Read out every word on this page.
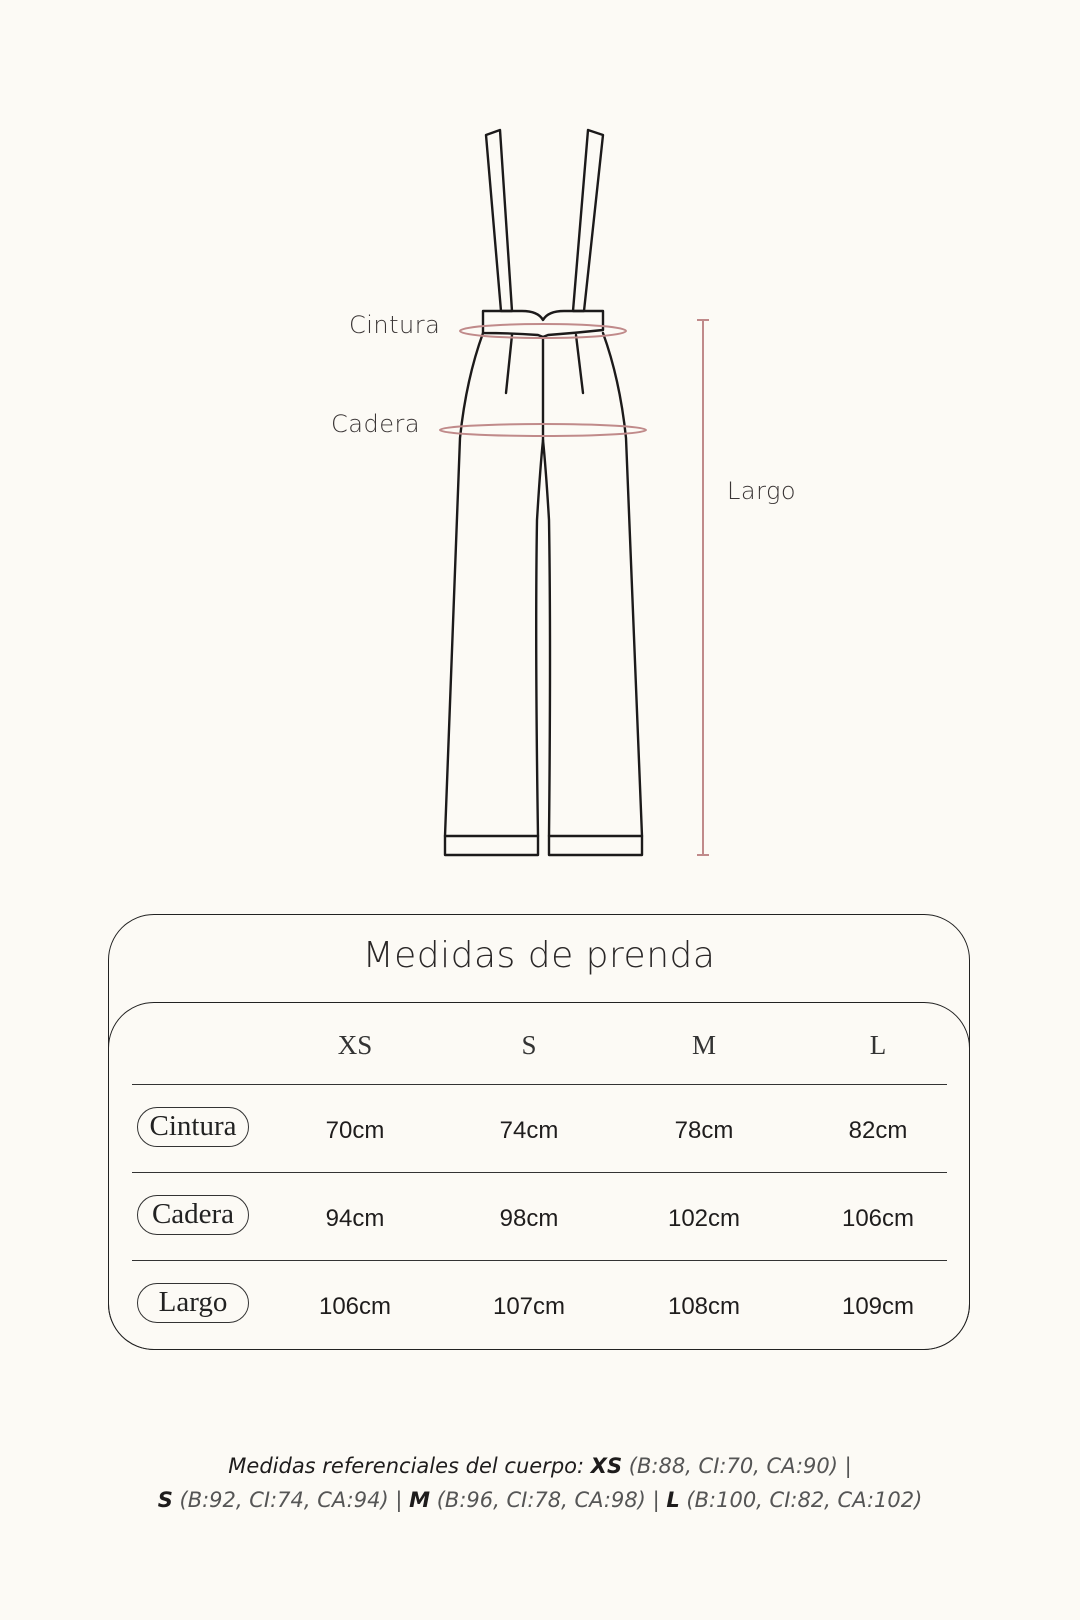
Cintura
Cadera
Largo
Medidas de prenda
XS	S	M	L
Cintura	70cm	74cm	78cm	82cm
Cadera	94cm	98cm	102cm	106cm
Largo	106cm	107cm	108cm	109cm
Medidas referenciales del cuerpo: XS (B:88, CI:70, CA:90) |
S (B:92, CI:74, CA:94) | M (B:96, CI:78, CA:98) | L (B:100, CI:82, CA:102)
